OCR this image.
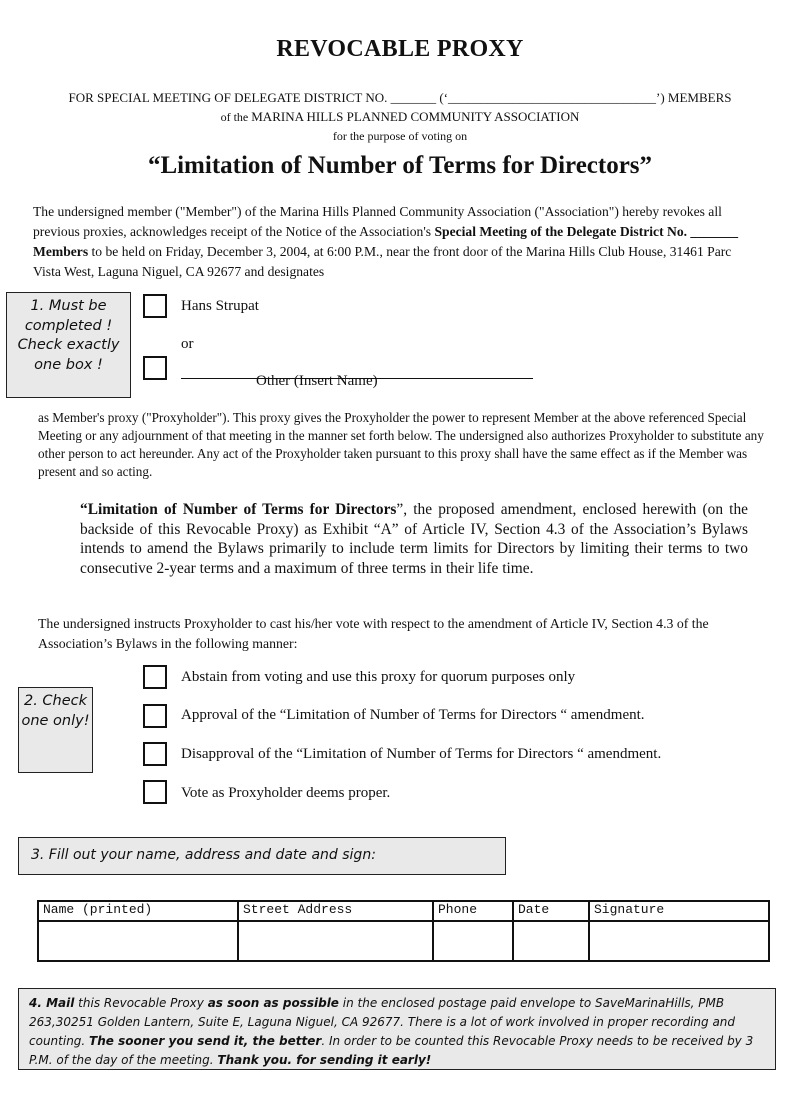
REVOCABLE PROXY
FOR SPECIAL MEETING OF DELEGATE DISTRICT NO. _______ (‘________________________________’) MEMBERS
of the MARINA HILLS PLANNED COMMUNITY ASSOCIATION
for the purpose of voting on
“Limitation of Number of Terms for Directors”
The undersigned member ("Member") of the Marina Hills Planned Community Association ("Association") hereby revokes all previous proxies, acknowledges receipt of the Notice of the Association's Special Meeting of the Delegate District No. _______ Members to be held on Friday, December 3, 2004, at 6:00 P.M., near the front door of the Marina Hills Club House, 31461 Parc Vista West, Laguna Niguel, CA 92677 and designates
1. Must be completed ! Check exactly one box !
Hans Strupat
or
Other (Insert Name)
as Member's proxy ("Proxyholder"). This proxy gives the Proxyholder the power to represent Member at the above referenced Special Meeting or any adjournment of that meeting in the manner set forth below. The undersigned also authorizes Proxyholder to substitute any other person to act hereunder. Any act of the Proxyholder taken pursuant to this proxy shall have the same effect as if the Member was present and so acting.
“Limitation of Number of Terms for Directors”, the proposed amendment, enclosed herewith (on the backside of this Revocable Proxy) as Exhibit “A” of Article IV, Section 4.3 of the Association’s Bylaws intends to amend the Bylaws primarily to include term limits for Directors by limiting their terms to two consecutive 2-year terms and a maximum of three terms in their life time.
The undersigned instructs Proxyholder to cast his/her vote with respect to the amendment of Article IV, Section 4.3 of the Association’s Bylaws in the following manner:
2. Check one only!
Abstain from voting and use this proxy for quorum purposes only
Approval of the “Limitation of Number of Terms for Directors “ amendment.
Disapproval of the “Limitation of Number of Terms for Directors “ amendment.
Vote as Proxyholder deems proper.
3. Fill out your name, address and date and sign:
Name (printed)	Street Address	Phone	Date	Signature

4. Mail this Revocable Proxy as soon as possible in the enclosed postage paid envelope to SaveMarinaHills, PMB 263,30251 Golden Lantern, Suite E, Laguna Niguel, CA 92677. There is a lot of work involved in proper recording and counting. The sooner you send it, the better. In order to be counted this Revocable Proxy needs to be received by 3 P.M. of the day of the meeting. Thank you. for sending it early!
